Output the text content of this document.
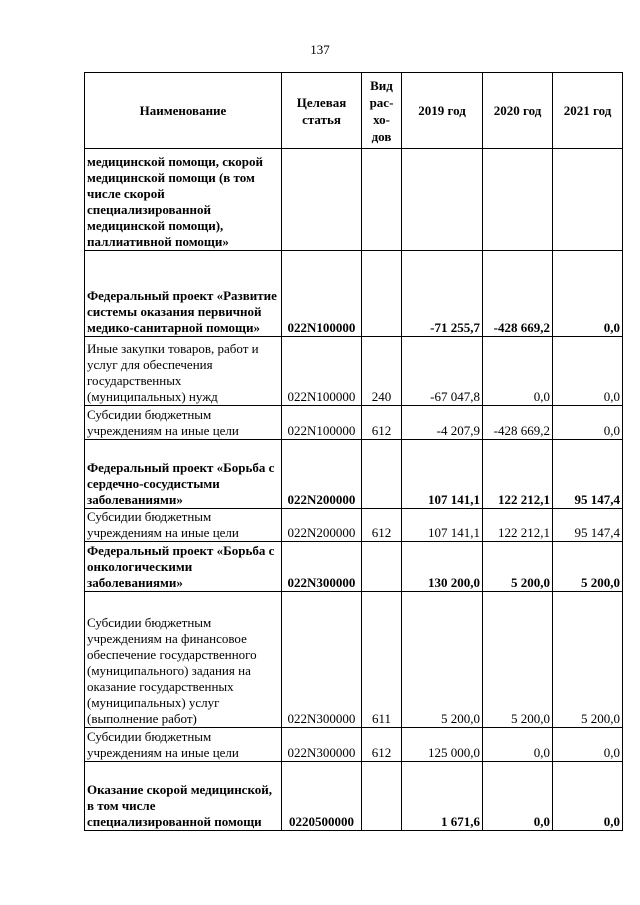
137
Наименование	Целевая статья	Вид рас-хо-дов	2019 год	2020 год	2021 год
медицинской помощи, скорой медицинской помощи (в том числе скорой специализированной медицинской помощи), паллиативной помощи»					
Федеральный проект «Развитие системы оказания первичной медико-санитарной помощи»	022N100000		-71 255,7	-428 669,2	0,0
Иные закупки товаров, работ и услуг для обеспечения государственных (муниципальных) нужд	022N100000	240	-67 047,8	0,0	0,0
Субсидии бюджетным учреждениям на иные цели	022N100000	612	-4 207,9	-428 669,2	0,0
Федеральный проект «Борьба с сердечно-сосудистыми заболеваниями»	022N200000		107 141,1	122 212,1	95 147,4
Субсидии бюджетным учреждениям на иные цели	022N200000	612	107 141,1	122 212,1	95 147,4
Федеральный проект «Борьба с онкологическими заболеваниями»	022N300000		130 200,0	5 200,0	5 200,0
Субсидии бюджетным учреждениям на финансовое обеспечение государственного (муниципального) задания на оказание государственных (муниципальных) услуг (выполнение работ)	022N300000	611	5 200,0	5 200,0	5 200,0
Субсидии бюджетным учреждениям на иные цели	022N300000	612	125 000,0	0,0	0,0
Оказание скорой медицинской, в том числе специализированной помощи	0220500000		1 671,6	0,0	0,0
